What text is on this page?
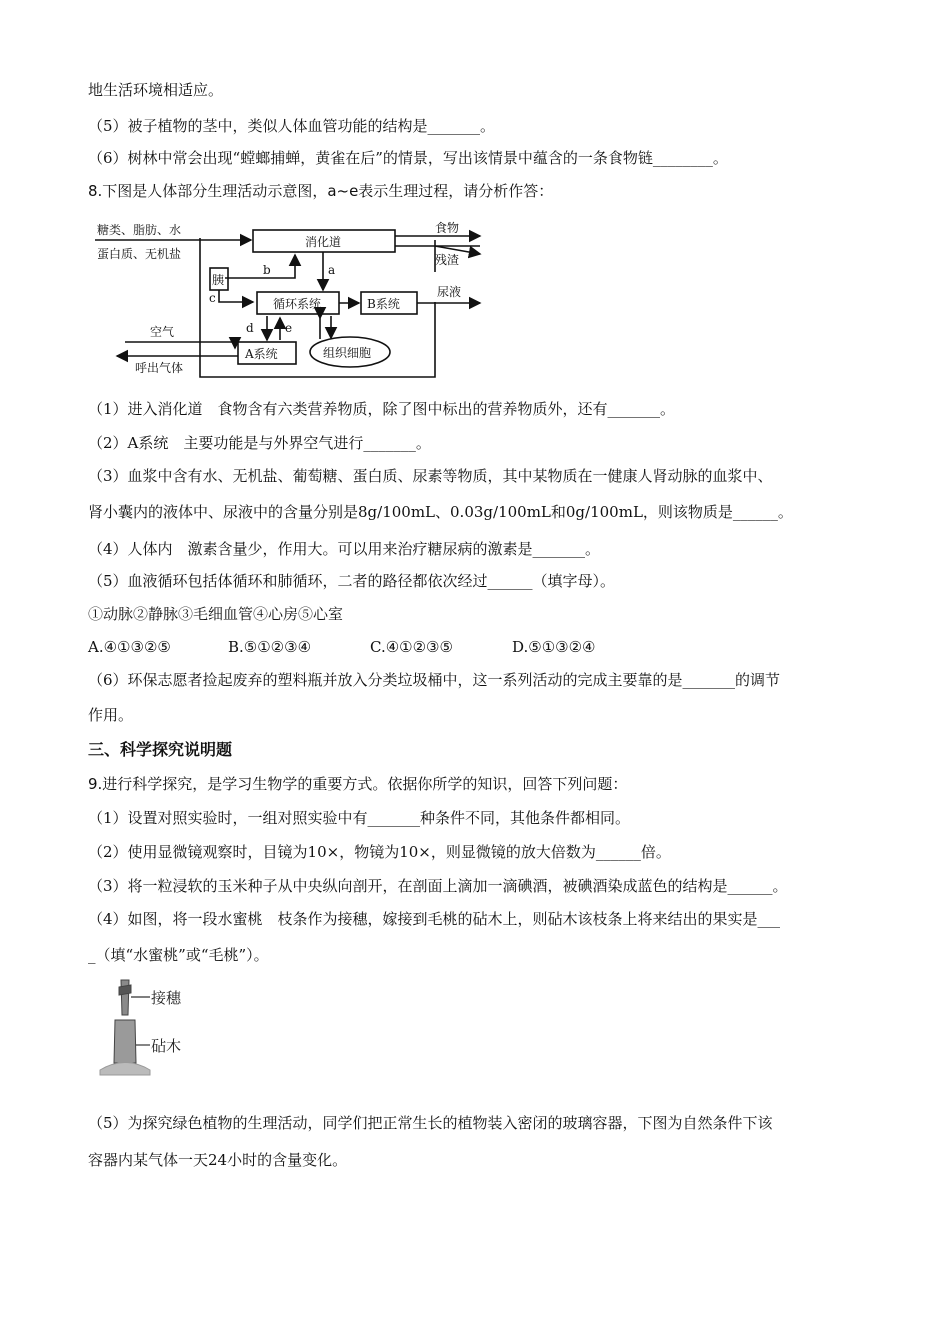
地生活环境相适应。
（5）被子植物的茎中，类似人体血管功能的结构是_______。
（6）树林中常会出现“螳螂捕蝉，黄雀在后”的情景，写出该情景中蕴含的一条食物链________。
8.下图是人体部分生理活动示意图，a~e表示生理过程，请分析作答：
糖类、脂肪、水
蛋白质、无机盐
消化道
食物
残渣
胰
b	a
c	循环系统	B系统
尿液
d	e
空气
呼出气体
A系统	组织细胞
（1）进入消化道　食物含有六类营养物质，除了图中标出的营养物质外，还有_______。
（2）A系统　主要功能是与外界空气进行_______。
（3）血浆中含有水、无机盐、葡萄糖、蛋白质、尿素等物质，其中某物质在一健康人肾动脉的血浆中、
肾小囊内的液体中、尿液中的含量分别是8g/100mL、0.03g/100mL和0g/100mL，则该物质是______。
（4）人体内　激素含量少，作用大。可以用来治疗糖尿病的激素是_______。
（5）血液循环包括体循环和肺循环，二者的路径都依次经过______（填字母）。
①动脉②静脉③毛细血管④心房⑤心室
A.④①③②⑤	B.⑤①②③④	C.④①②③⑤	D.⑤①③②④
（6）环保志愿者捡起废弃的塑料瓶并放入分类垃圾桶中，这一系列活动的完成主要靠的是_______的调节
作用。
三、科学探究说明题
9.进行科学探究，是学习生物学的重要方式。依据你所学的知识，回答下列问题：
（1）设置对照实验时，一组对照实验中有_______种条件不同，其他条件都相同。
（2）使用显微镜观察时，目镜为10×，物镜为10×，则显微镜的放大倍数为______倍。
（3）将一粒浸软的玉米种子从中央纵向剖开，在剖面上滴加一滴碘酒，被碘酒染成蓝色的结构是______。
（4）如图，将一段水蜜桃　枝条作为接穗，嫁接到毛桃的砧木上，则砧木该枝条上将来结出的果实是___
_（填“水蜜桃”或“毛桃”）。
接穗
砧木
（5）为探究绿色植物的生理活动，同学们把正常生长的植物装入密闭的玻璃容器，下图为自然条件下该
容器内某气体一天24小时的含量变化。
